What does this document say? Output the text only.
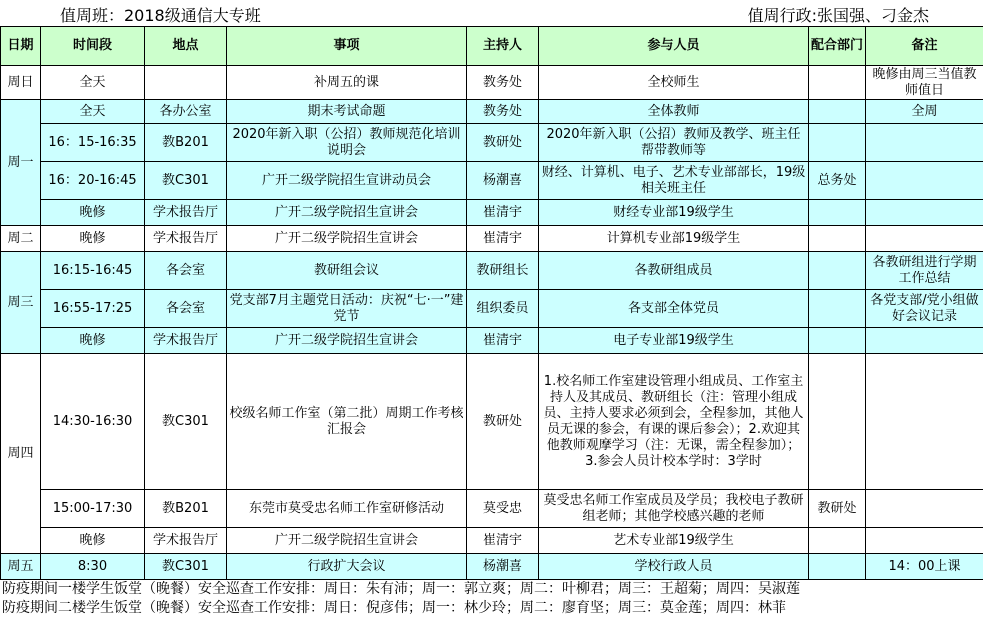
值周班：2018级通信大专班	值周行政:张国强、刁金杰
日期	时间段	地点	事项	主持人	参与人员	配合部门	备注
周日	全天		补周五的课	教务处	全校师生		晚修由周三当值教师值日
周一	全天	各办公室	期末考试命题	教务处	全体教师		全周
	16：15-16:35	教B201	2020年新入职（公招）教师规范化培训说明会	教研处	2020年新入职（公招）教师及教学、班主任帮带教师等		
	16：20-16:45	教C301	广开二级学院招生宣讲动员会	杨潮喜	财经、计算机、电子、艺术专业部部长，19级相关班主任	总务处	
	晚修	学术报告厅	广开二级学院招生宣讲会	崔清宇	财经专业部19级学生		
周二	晚修	学术报告厅	广开二级学院招生宣讲会	崔清宇	计算机专业部19级学生		
周三	16:15-16:45	各会室	教研组会议	教研组长	各教研组成员		各教研组进行学期工作总结
	16:55-17:25	各会室	党支部7月主题党日活动：庆祝“七·一”建党节	组织委员	各支部全体党员		各党支部/党小组做好会议记录
	晚修	学术报告厅	广开二级学院招生宣讲会	崔清宇	电子专业部19级学生		
周四	14:30-16:30	教C301	校级名师工作室（第二批）周期工作考核汇报会	教研处	1.校名师工作室建设管理小组成员、工作室主持人及其成员、教研组长（注：管理小组成员、主持人要求必须到会，全程参加，其他人员无课的参会，有课的课后参会）；2.欢迎其他教师观摩学习（注：无课，需全程参加）；3.参会人员计校本学时：3学时		
	15:00-17:30	教B201	东莞市莫受忠名师工作室研修活动	莫受忠	莫受忠名师工作室成员及学员；我校电子教研组老师；其他学校感兴趣的老师	教研处	
	晚修	学术报告厅	广开二级学院招生宣讲会	崔清宇	艺术专业部19级学生		
周五	8:30	教C301	行政扩大会议	杨潮喜	学校行政人员		14：00上课
防疫期间一楼学生饭堂（晚餐）安全巡查工作安排：周日：朱有沛；周一：郭立爽；周二：叶柳君；周三：王超菊；周四：吴淑莲
防疫期间二楼学生饭堂（晚餐）安全巡查工作安排：周日：倪彦伟；周一：林少玲；周二：廖育坚；周三：莫金莲；周四：林菲
